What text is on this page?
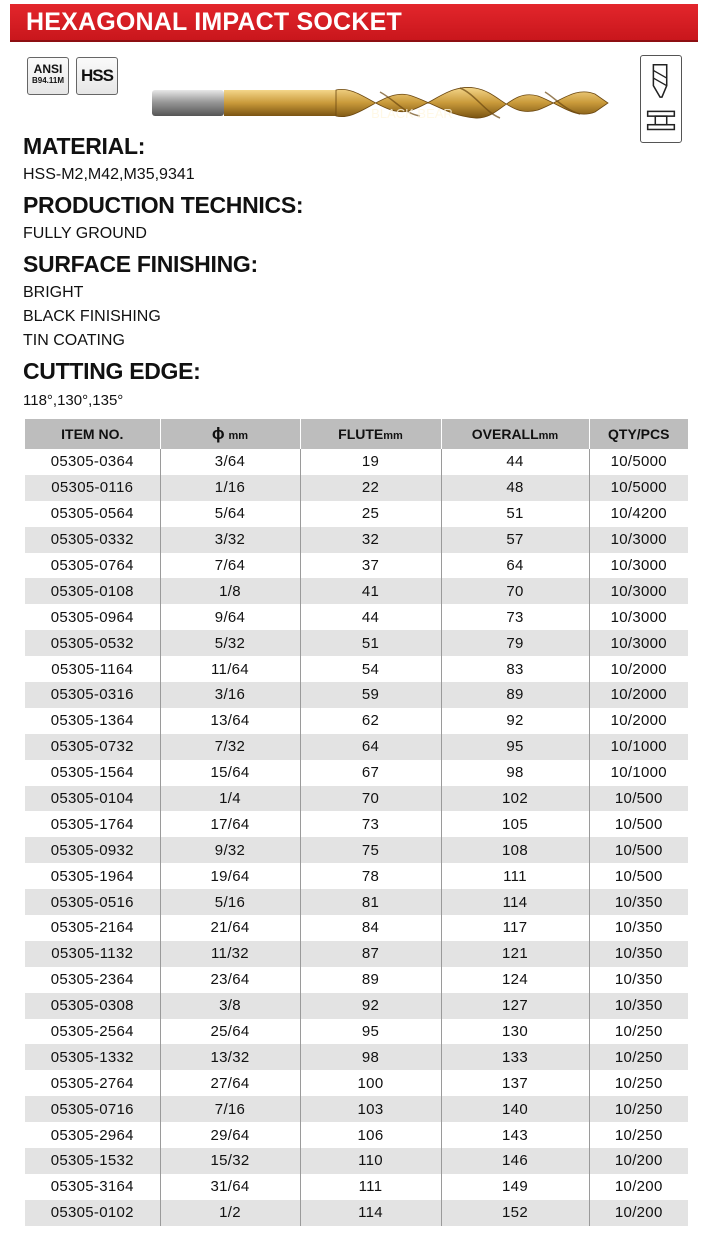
HEXAGONAL IMPACT SOCKET
ANSI
B94.11M HSS
BLACK BEAR
MATERIAL:

HSS-M2,M42,M35,9341

PRODUCTION TECHNICS:

FULLY GROUND

SURFACE FINISHING:

BRIGHT

BLACK FINISHING

TIN COATING

CUTTING EDGE:

118°,130°,135°

ITEM NO.	ϕ mm	FLUTEmm	OVERALLmm	QTY/PCS
05305-0364	3/64	19	44	10/5000
05305-0116	1/16	22	48	10/5000
05305-0564	5/64	25	51	10/4200
05305-0332	3/32	32	57	10/3000
05305-0764	7/64	37	64	10/3000
05305-0108	1/8	41	70	10/3000
05305-0964	9/64	44	73	10/3000
05305-0532	5/32	51	79	10/3000
05305-1164	11/64	54	83	10/2000
05305-0316	3/16	59	89	10/2000
05305-1364	13/64	62	92	10/2000
05305-0732	7/32	64	95	10/1000
05305-1564	15/64	67	98	10/1000
05305-0104	1/4	70	102	10/500
05305-1764	17/64	73	105	10/500
05305-0932	9/32	75	108	10/500
05305-1964	19/64	78	111	10/500
05305-0516	5/16	81	114	10/350
05305-2164	21/64	84	117	10/350
05305-1132	11/32	87	121	10/350
05305-2364	23/64	89	124	10/350
05305-0308	3/8	92	127	10/350
05305-2564	25/64	95	130	10/250
05305-1332	13/32	98	133	10/250
05305-2764	27/64	100	137	10/250
05305-0716	7/16	103	140	10/250
05305-2964	29/64	106	143	10/250
05305-1532	15/32	110	146	10/200
05305-3164	31/64	111	149	10/200
05305-0102	1/2	114	152	10/200
